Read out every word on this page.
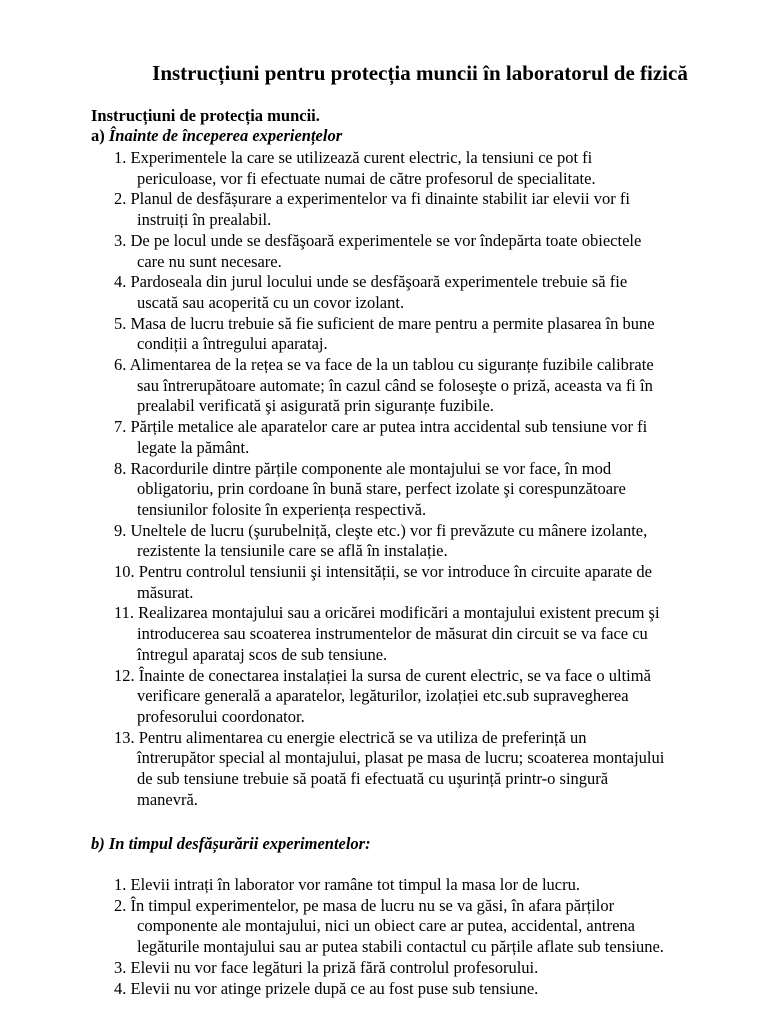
Instrucțiuni pentru protecția muncii în laboratorul de fizică
Instrucțiuni de protecția muncii.
a) Înainte de începerea experiențelor
1. Experimentele la care se utilizează curent electric, la tensiuni ce pot fi
periculoase, vor fi efectuate numai de către profesorul de specialitate.
2. Planul de desfășurare a experimentelor va fi dinainte stabilit iar elevii vor fi
instruiți în prealabil.
3. De pe locul unde se desfăşoară experimentele se vor îndepărta toate obiectele
care nu sunt necesare.
4. Pardoseala din jurul locului unde se desfăşoară experimentele trebuie să fie
uscată sau acoperită cu un covor izolant.
5. Masa de lucru trebuie să fie suficient de mare pentru a permite plasarea în bune
condiții a întregului aparataj.
6. Alimentarea de la rețea se va face de la un tablou cu siguranțe fuzibile calibrate
sau întrerupătoare automate; în cazul când se foloseşte o priză, aceasta va fi în
prealabil verificată şi asigurată prin siguranțe fuzibile.
7. Părțile metalice ale aparatelor care ar putea intra accidental sub tensiune vor fi
legate la pământ.
8. Racordurile dintre părțile componente ale montajului se vor face, în mod
obligatoriu, prin cordoane în bună stare, perfect izolate şi corespunzătoare
tensiunilor folosite în experiența respectivă.
9. Uneltele de lucru (şurubelniță, cleşte etc.) vor fi prevăzute cu mânere izolante,
rezistente la tensiunile care se află în instalație.
10. Pentru controlul tensiunii şi intensității, se vor introduce în circuite aparate de
măsurat.
11. Realizarea montajului sau a oricărei modificări a montajului existent precum şi
introducerea sau scoaterea instrumentelor de măsurat din circuit se va face cu
întregul aparataj scos de sub tensiune.
12. Înainte de conectarea instalației la sursa de curent electric, se va face o ultimă
verificare generală a aparatelor, legăturilor, izolației etc.sub supravegherea
profesorului coordonator.
13. Pentru alimentarea cu energie electrică se va utiliza de preferință un
întrerupător special al montajului, plasat pe masa de lucru; scoaterea montajului
de sub tensiune trebuie să poată fi efectuată cu uşurință printr-o singură
manevră.
b) In timpul desfășurării experimentelor:
1. Elevii intrați în laborator vor ramâne tot timpul la masa lor de lucru.
2. În timpul experimentelor, pe masa de lucru nu se va găsi, în afara părților
componente ale montajului, nici un obiect care ar putea, accidental, antrena
legăturile montajului sau ar putea stabili contactul cu părțile aflate sub tensiune.
3. Elevii nu vor face legături la priză fără controlul profesorului.
4. Elevii nu vor atinge prizele după ce au fost puse sub tensiune.
